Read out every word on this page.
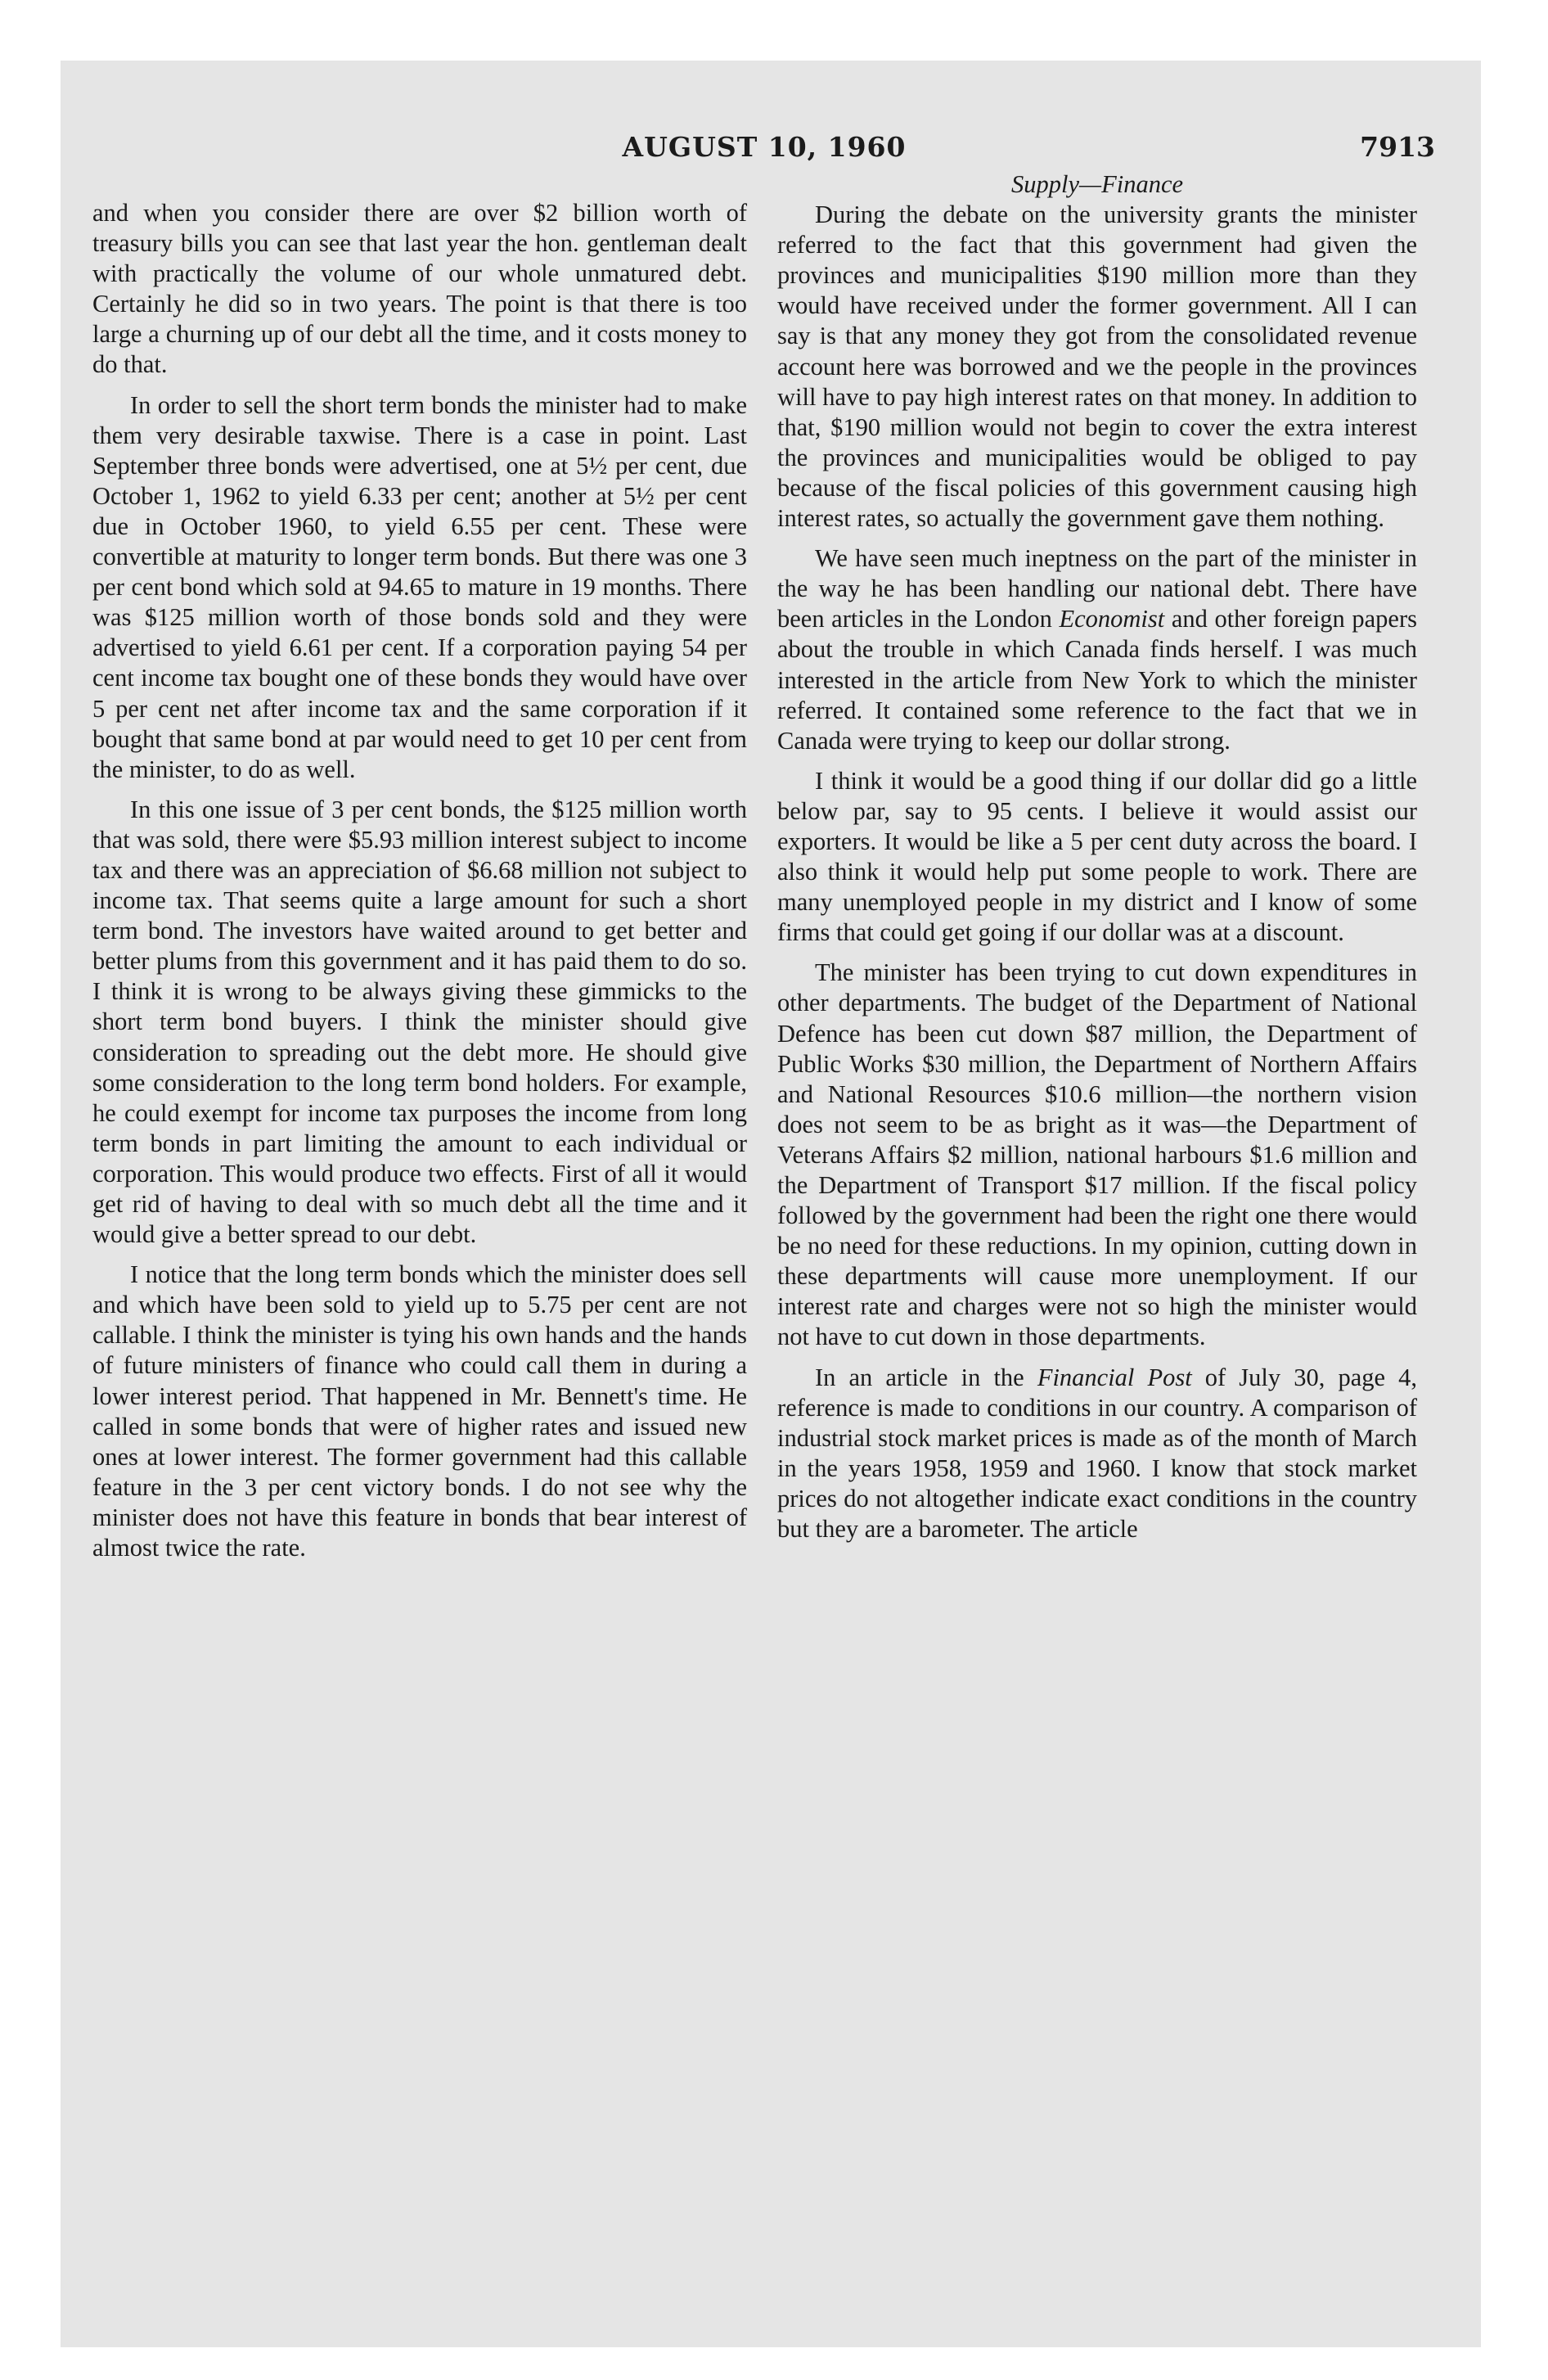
AUGUST 10, 1960	7913

and when you consider there are over $2 billion worth of treasury bills you can see that last year the hon. gentleman dealt with practically the volume of our whole unmatured debt. Certainly he did so in two years. The point is that there is too large a churning up of our debt all the time, and it costs money to do that.

In order to sell the short term bonds the minister had to make them very desirable taxwise. There is a case in point. Last September three bonds were advertised, one at 5½ per cent, due October 1, 1962 to yield 6.33 per cent; another at 5½ per cent due in October 1960, to yield 6.55 per cent. These were convertible at maturity to longer term bonds. But there was one 3 per cent bond which sold at 94.65 to mature in 19 months. There was $125 million worth of those bonds sold and they were advertised to yield 6.61 per cent. If a corporation paying 54 per cent income tax bought one of these bonds they would have over 5 per cent net after income tax and the same corporation if it bought that same bond at par would need to get 10 per cent from the minister, to do as well.

In this one issue of 3 per cent bonds, the $125 million worth that was sold, there were $5.93 million interest subject to income tax and there was an appreciation of $6.68 million not subject to income tax. That seems quite a large amount for such a short term bond. The investors have waited around to get better and better plums from this government and it has paid them to do so. I think it is wrong to be always giving these gimmicks to the short term bond buyers. I think the minister should give consideration to spreading out the debt more. He should give some consideration to the long term bond holders. For example, he could exempt for income tax purposes the income from long term bonds in part limiting the amount to each individual or corporation. This would produce two effects. First of all it would get rid of having to deal with so much debt all the time and it would give a better spread to our debt.

I notice that the long term bonds which the minister does sell and which have been sold to yield up to 5.75 per cent are not callable. I think the minister is tying his own hands and the hands of future ministers of finance who could call them in during a lower interest period. That happened in Mr. Bennett's time. He called in some bonds that were of higher rates and issued new ones at lower interest. The former government had this callable feature in the 3 per cent victory bonds. I do not see why the minister does not have this feature in bonds that bear interest of almost twice the rate.

Supply—Finance

During the debate on the university grants the minister referred to the fact that this government had given the provinces and municipalities $190 million more than they would have received under the former government. All I can say is that any money they got from the consolidated revenue account here was borrowed and we the people in the provinces will have to pay high interest rates on that money. In addition to that, $190 million would not begin to cover the extra interest the provinces and municipalities would be obliged to pay because of the fiscal policies of this government causing high interest rates, so actually the government gave them nothing.

We have seen much ineptness on the part of the minister in the way he has been handling our national debt. There have been articles in the London Economist and other foreign papers about the trouble in which Canada finds herself. I was much interested in the article from New York to which the minister referred. It contained some reference to the fact that we in Canada were trying to keep our dollar strong.

I think it would be a good thing if our dollar did go a little below par, say to 95 cents. I believe it would assist our exporters. It would be like a 5 per cent duty across the board. I also think it would help put some people to work. There are many unemployed people in my district and I know of some firms that could get going if our dollar was at a discount.

The minister has been trying to cut down expenditures in other departments. The budget of the Department of National Defence has been cut down $87 million, the Department of Public Works $30 million, the Department of Northern Affairs and National Resources $10.6 million—the northern vision does not seem to be as bright as it was—the Department of Veterans Affairs $2 million, national harbours $1.6 million and the Department of Transport $17 million. If the fiscal policy followed by the government had been the right one there would be no need for these reductions. In my opinion, cutting down in these departments will cause more unemployment. If our interest rate and charges were not so high the minister would not have to cut down in those departments.

In an article in the Financial Post of July 30, page 4, reference is made to conditions in our country. A comparison of industrial stock market prices is made as of the month of March in the years 1958, 1959 and 1960. I know that stock market prices do not altogether indicate exact conditions in the country but they are a barometer. The article
